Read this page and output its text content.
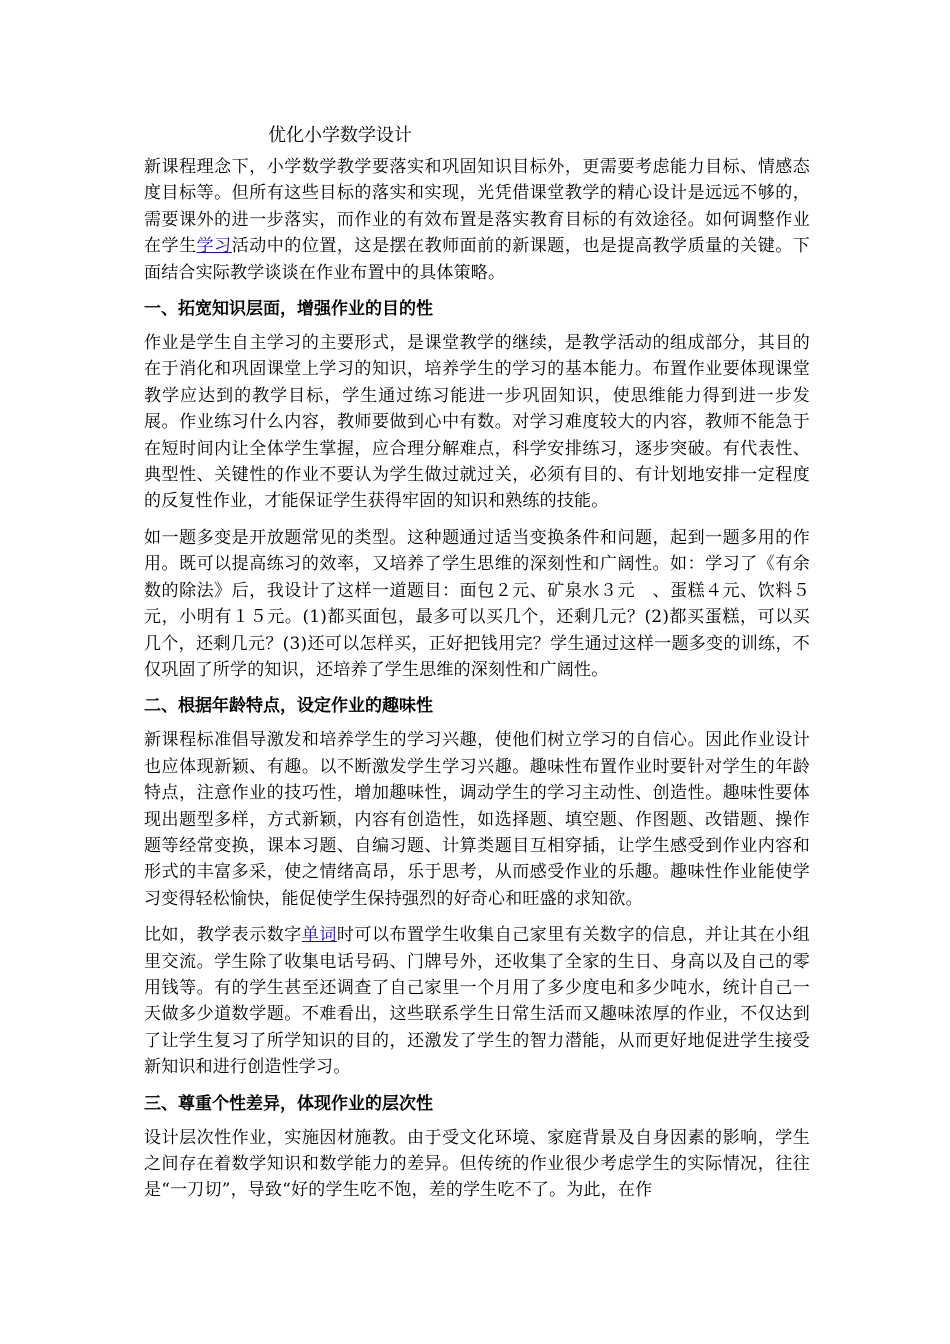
优化小学数学设计

新课程理念下，小学数学教学要落实和巩固知识目标外，更需要考虑能力目标、情感态度目标等。但所有这些目标的落实和实现，光凭借课堂教学的精心设计是远远不够的，需要课外的进一步落实，而作业的有效布置是落实教育目标的有效途径。如何调整作业在学生学习活动中的位置，这是摆在教师面前的新课题，也是提高教学质量的关键。下面结合实际教学谈谈在作业布置中的具体策略。

一、拓宽知识层面，增强作业的目的性

作业是学生自主学习的主要形式，是课堂教学的继续，是教学活动的组成部分，其目的在于消化和巩固课堂上学习的知识，培养学生的学习的基本能力。布置作业要体现课堂教学应达到的教学目标，学生通过练习能进一步巩固知识，使思维能力得到进一步发展。作业练习什么内容，教师要做到心中有数。对学习难度较大的内容，教师不能急于在短时间内让全体学生掌握，应合理分解难点，科学安排练习，逐步突破。有代表性、典型性、关键性的作业不要认为学生做过就过关，必须有目的、有计划地安排一定程度的反复性作业，才能保证学生获得牢固的知识和熟练的技能。

如一题多变是开放题常见的类型。这种题通过适当变换条件和问题，起到一题多用的作用。既可以提高练习的效率，又培养了学生思维的深刻性和广阔性。如：学习了《有余数的除法》后，我设计了这样一道题目：面包２元、矿泉水３元　、蛋糕４元、饮料５元，小明有１５元。(1)都买面包，最多可以买几个，还剩几元？(2)都买蛋糕，可以买几个，还剩几元？(3)还可以怎样买，正好把钱用完？学生通过这样一题多变的训练，不仅巩固了所学的知识，还培养了学生思维的深刻性和广阔性。

二、根据年龄特点，设定作业的趣味性

新课程标准倡导激发和培养学生的学习兴趣，使他们树立学习的自信心。因此作业设计也应体现新颖、有趣。以不断激发学生学习兴趣。趣味性布置作业时要针对学生的年龄特点，注意作业的技巧性，增加趣味性，调动学生的学习主动性、创造性。趣味性要体现出题型多样，方式新颖，内容有创造性，如选择题、填空题、作图题、改错题、操作题等经常变换，课本习题、自编习题、计算类题目互相穿插，让学生感受到作业内容和形式的丰富多采，使之情绪高昂，乐于思考，从而感受作业的乐趣。趣味性作业能使学习变得轻松愉快，能促使学生保持强烈的好奇心和旺盛的求知欲。

比如，教学表示数字单词时可以布置学生收集自己家里有关数字的信息，并让其在小组里交流。学生除了收集电话号码、门牌号外，还收集了全家的生日、身高以及自己的零用钱等。有的学生甚至还调查了自己家里一个月用了多少度电和多少吨水，统计自己一天做多少道数学题。不难看出，这些联系学生日常生活而又趣味浓厚的作业，不仅达到了让学生复习了所学知识的目的，还激发了学生的智力潜能，从而更好地促进学生接受新知识和进行创造性学习。

三、尊重个性差异，体现作业的层次性

设计层次性作业，实施因材施教。由于受文化环境、家庭背景及自身因素的影响，学生之间存在着数学知识和数学能力的差异。但传统的作业很少考虑学生的实际情况，往往是“一刀切”，导致“好的学生吃不饱，差的学生吃不了。为此，在作
